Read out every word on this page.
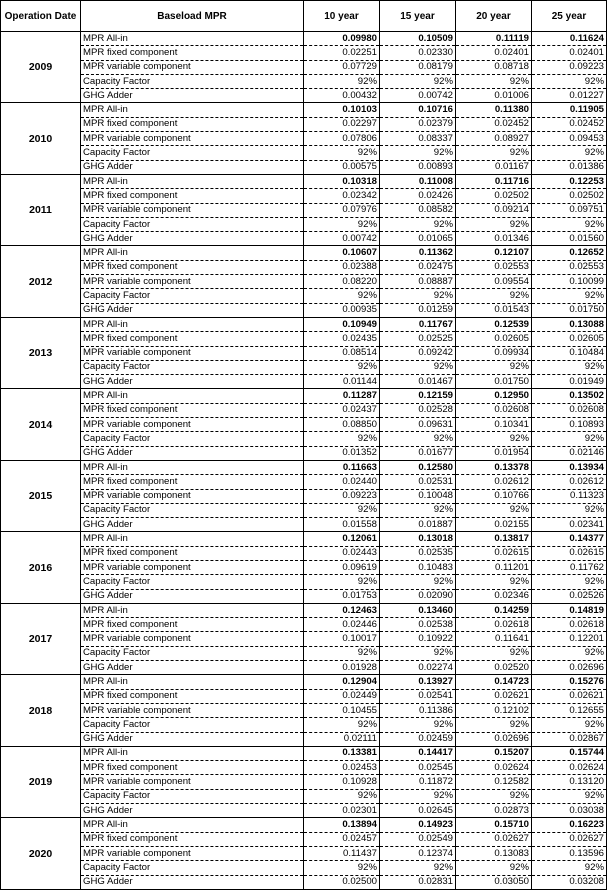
Operation Date	Baseload MPR	10 year	15 year	20 year	25 year
2009	MPR All-in	0.09980	0.10509	0.11119	0.11624
	MPR fixed component	0.02251	0.02330	0.02401	0.02401
	MPR variable component	0.07729	0.08179	0.08718	0.09223
	Capacity Factor	92%	92%	92%	92%
	GHG Adder	0.00432	0.00742	0.01006	0.01227
2010	MPR All-in	0.10103	0.10716	0.11380	0.11905
	MPR fixed component	0.02297	0.02379	0.02452	0.02452
	MPR variable component	0.07806	0.08337	0.08927	0.09453
	Capacity Factor	92%	92%	92%	92%
	GHG Adder	0.00575	0.00893	0.01167	0.01386
2011	MPR All-in	0.10318	0.11008	0.11716	0.12253
	MPR fixed component	0.02342	0.02426	0.02502	0.02502
	MPR variable component	0.07976	0.08582	0.09214	0.09751
	Capacity Factor	92%	92%	92%	92%
	GHG Adder	0.00742	0.01065	0.01346	0.01560
2012	MPR All-in	0.10607	0.11362	0.12107	0.12652
	MPR fixed component	0.02388	0.02475	0.02553	0.02553
	MPR variable component	0.08220	0.08887	0.09554	0.10099
	Capacity Factor	92%	92%	92%	92%
	GHG Adder	0.00935	0.01259	0.01543	0.01750
2013	MPR All-in	0.10949	0.11767	0.12539	0.13088
	MPR fixed component	0.02435	0.02525	0.02605	0.02605
	MPR variable component	0.08514	0.09242	0.09934	0.10484
	Capacity Factor	92%	92%	92%	92%
	GHG Adder	0.01144	0.01467	0.01750	0.01949
2014	MPR All-in	0.11287	0.12159	0.12950	0.13502
	MPR fixed component	0.02437	0.02528	0.02608	0.02608
	MPR variable component	0.08850	0.09631	0.10341	0.10893
	Capacity Factor	92%	92%	92%	92%
	GHG Adder	0.01352	0.01677	0.01954	0.02146
2015	MPR All-in	0.11663	0.12580	0.13378	0.13934
	MPR fixed component	0.02440	0.02531	0.02612	0.02612
	MPR variable component	0.09223	0.10048	0.10766	0.11323
	Capacity Factor	92%	92%	92%	92%
	GHG Adder	0.01558	0.01887	0.02155	0.02341
2016	MPR All-in	0.12061	0.13018	0.13817	0.14377
	MPR fixed component	0.02443	0.02535	0.02615	0.02615
	MPR variable component	0.09619	0.10483	0.11201	0.11762
	Capacity Factor	92%	92%	92%	92%
	GHG Adder	0.01753	0.02090	0.02346	0.02526
2017	MPR All-in	0.12463	0.13460	0.14259	0.14819
	MPR fixed component	0.02446	0.02538	0.02618	0.02618
	MPR variable component	0.10017	0.10922	0.11641	0.12201
	Capacity Factor	92%	92%	92%	92%
	GHG Adder	0.01928	0.02274	0.02520	0.02696
2018	MPR All-in	0.12904	0.13927	0.14723	0.15276
	MPR fixed component	0.02449	0.02541	0.02621	0.02621
	MPR variable component	0.10455	0.11386	0.12102	0.12655
	Capacity Factor	92%	92%	92%	92%
	GHG Adder	0.02111	0.02459	0.02696	0.02867
2019	MPR All-in	0.13381	0.14417	0.15207	0.15744
	MPR fixed component	0.02453	0.02545	0.02624	0.02624
	MPR variable component	0.10928	0.11872	0.12582	0.13120
	Capacity Factor	92%	92%	92%	92%
	GHG Adder	0.02301	0.02645	0.02873	0.03038
2020	MPR All-in	0.13894	0.14923	0.15710	0.16223
	MPR fixed component	0.02457	0.02549	0.02627	0.02627
	MPR variable component	0.11437	0.12374	0.13083	0.13596
	Capacity Factor	92%	92%	92%	92%
	GHG Adder	0.02500	0.02831	0.03050	0.03208
